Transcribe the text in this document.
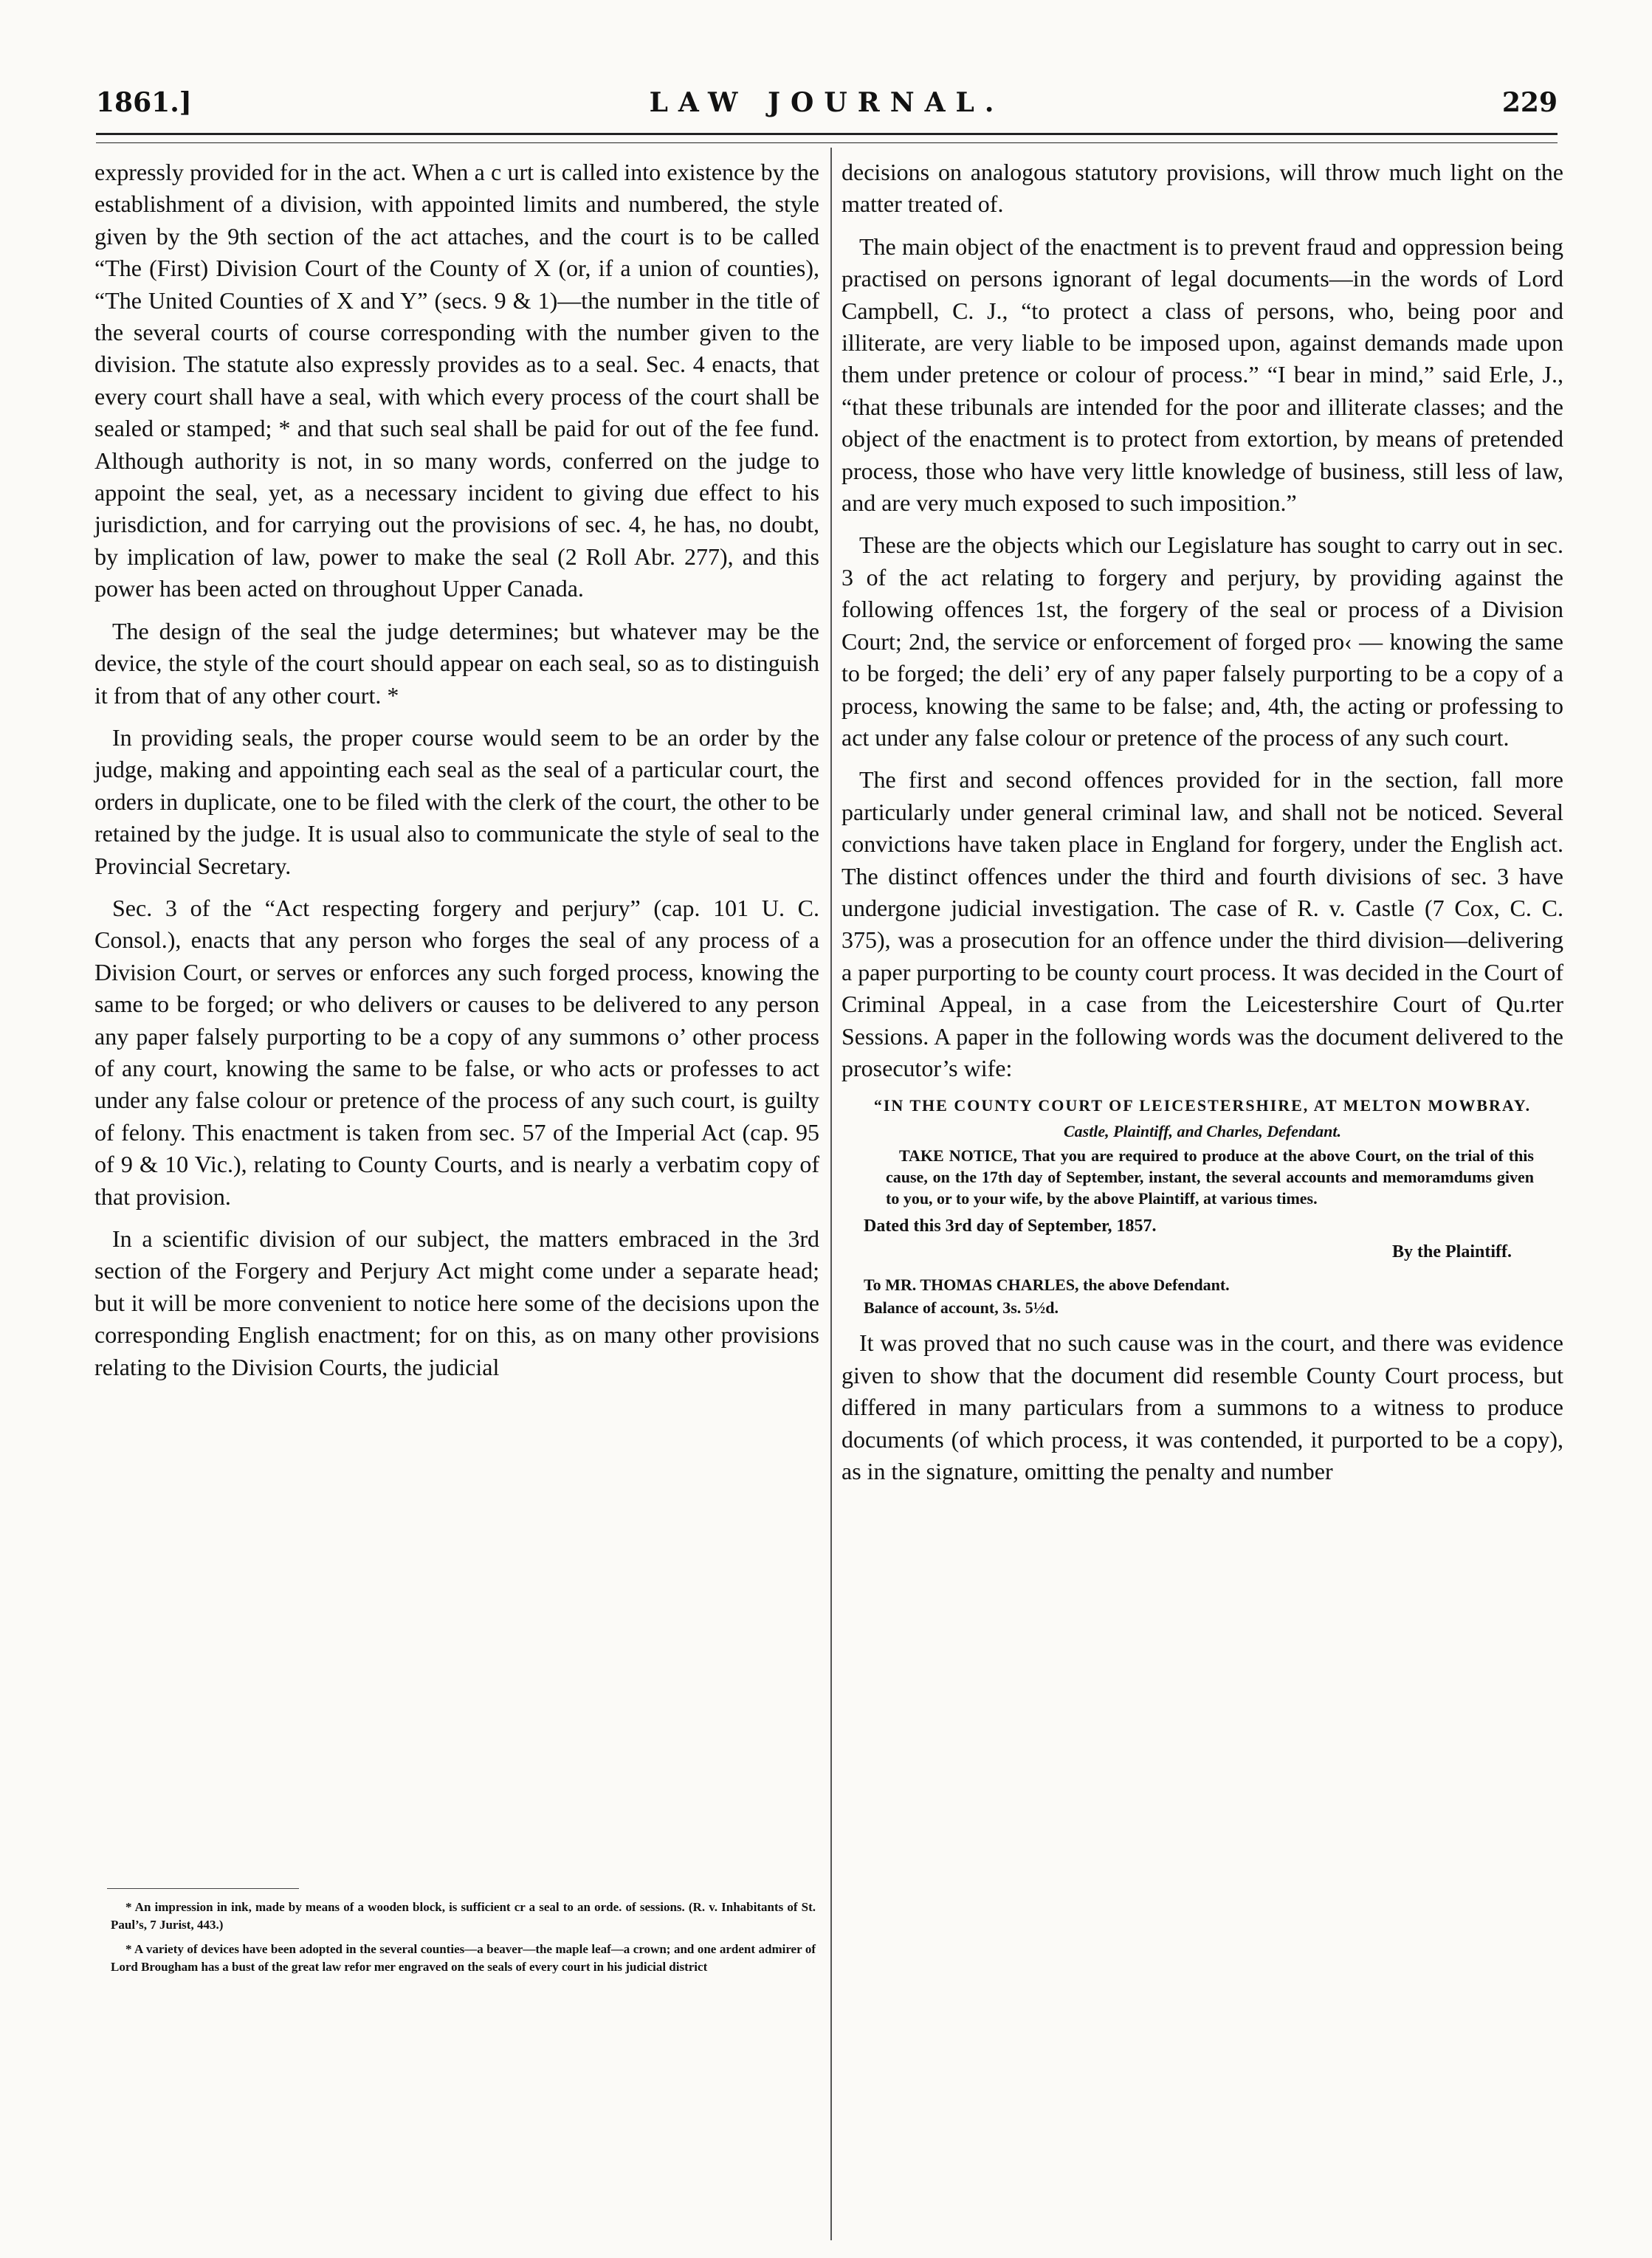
1861.]	LAW JOURNAL.	229

expressly provided for in the act. When a c urt is called into existence by the establishment of a division, with appointed limits and numbered, the style given by the 9th section of the act attaches, and the court is to be called “The (First) Division Court of the County of X (or, if a union of counties), “The United Counties of X and Y” (secs. 9 & 1)—the number in the title of the several courts of course corresponding with the number given to the division. The statute also expressly provides as to a seal. Sec. 4 enacts, that every court shall have a seal, with which every process of the court shall be sealed or stamped; * and that such seal shall be paid for out of the fee fund. Although authority is not, in so many words, conferred on the judge to appoint the seal, yet, as a necessary incident to giving due effect to his jurisdiction, and for carrying out the provisions of sec. 4, he has, no doubt, by implication of law, power to make the seal (2 Roll Abr. 277), and this power has been acted on throughout Upper Canada.

The design of the seal the judge determines; but whatever may be the device, the style of the court should appear on each seal, so as to distinguish it from that of any other court. *

In providing seals, the proper course would seem to be an order by the judge, making and appointing each seal as the seal of a particular court, the orders in duplicate, one to be filed with the clerk of the court, the other to be retained by the judge. It is usual also to communicate the style of seal to the Provincial Secretary.

Sec. 3 of the “Act respecting forgery and perjury” (cap. 101 U. C. Consol.), enacts that any person who forges the seal of any process of a Division Court, or serves or enforces any such forged process, knowing the same to be forged; or who delivers or causes to be delivered to any person any paper falsely purporting to be a copy of any summons o’ other process of any court, knowing the same to be false, or who acts or professes to act under any false colour or pretence of the process of any such court, is guilty of felony. This enactment is taken from sec. 57 of the Imperial Act (cap. 95 of 9 & 10 Vic.), relating to County Courts, and is nearly a verbatim copy of that provision.

In a scientific division of our subject, the matters embraced in the 3rd section of the Forgery and Perjury Act might come under a separate head; but it will be more convenient to notice here some of the decisions upon the corresponding English enactment; for on this, as on many other provisions relating to the Division Courts, the judicial

* An impression in ink, made by means of a wooden block, is sufficient cr a seal to an orde. of sessions. (R. v. Inhabitants of St. Paul’s, 7 Jurist, 443.)

* A variety of devices have been adopted in the several counties—a beaver—the maple leaf—a crown; and one ardent admirer of Lord Brougham has a bust of the great law refor mer engraved on the seals of every court in his judicial district

decisions on analogous statutory provisions, will throw much light on the matter treated of.

The main object of the enactment is to prevent fraud and oppression being practised on persons ignorant of legal documents—in the words of Lord Campbell, C. J., “to protect a class of persons, who, being poor and illiterate, are very liable to be imposed upon, against demands made upon them under pretence or colour of process.” “I bear in mind,” said Erle, J., “that these tribunals are intended for the poor and illiterate classes; and the object of the enactment is to protect from extortion, by means of pretended process, those who have very little knowledge of business, still less of law, and are very much exposed to such imposition.”

These are the objects which our Legislature has sought to carry out in sec. 3 of the act relating to forgery and perjury, by providing against the following offences 1st, the forgery of the seal or process of a Division Court; 2nd, the service or enforcement of forged pro‹ — knowing the same to be forged; the deli’ ery of any paper falsely purporting to be a copy of a process, knowing the same to be false; and, 4th, the acting or professing to act under any false colour or pretence of the process of any such court.

The first and second offences provided for in the section, fall more particularly under general criminal law, and shall not be noticed. Several convictions have taken place in England for forgery, under the English act. The distinct offences under the third and fourth divisions of sec. 3 have undergone judicial investigation. The case of R. v. Castle (7 Cox, C. C. 375), was a prosecution for an offence under the third division—delivering a paper purporting to be county court process. It was decided in the Court of Criminal Appeal, in a case from the Leicestershire Court of Qu.rter Sessions. A paper in the following words was the document delivered to the prosecutor’s wife:

“IN THE COUNTY COURT OF LEICESTERSHIRE, AT MELTON MOWBRAY.
Castle, Plaintiff, and Charles, Defendant.
TAKE NOTICE, That you are required to produce at the above Court, on the trial of this cause, on the 17th day of September, instant, the several accounts and memoramdums given to you, or to your wife, by the above Plaintiff, at various times.
Dated this 3rd day of September, 1857.
By the Plaintiff.
To MR. THOMAS CHARLES, the above Defendant.
Balance of account, 3s. 5½d.

It was proved that no such cause was in the court, and there was evidence given to show that the document did resemble County Court process, but differed in many particulars from a summons to a witness to produce documents (of which process, it was contended, it purported to be a copy), as in the signature, omitting the penalty and number
